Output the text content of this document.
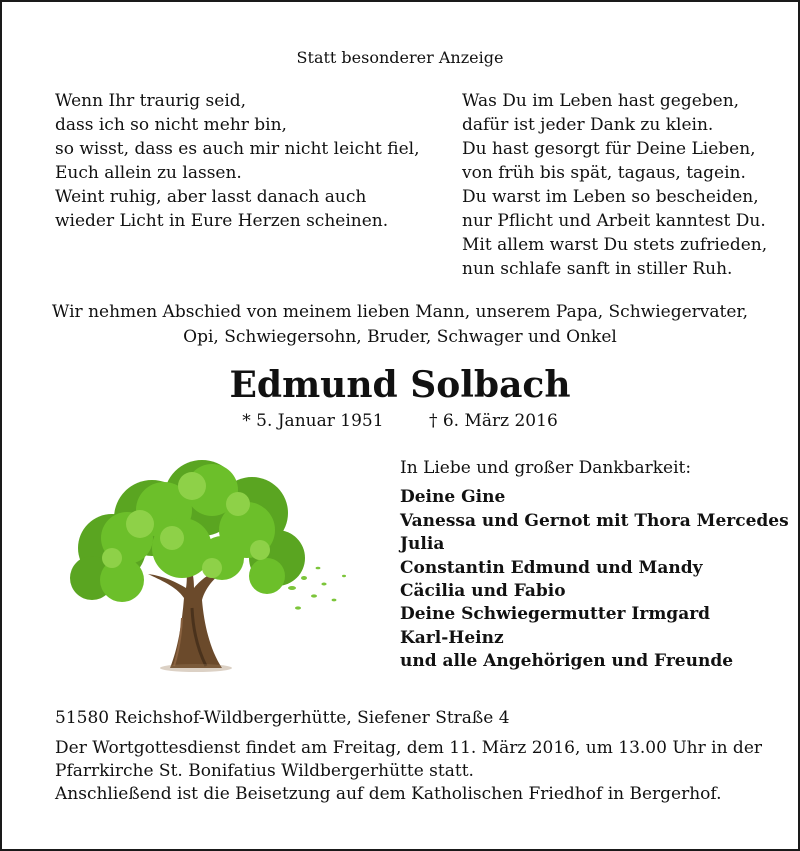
Statt besonderer Anzeige
Wenn Ihr traurig seid,
dass ich so nicht mehr bin,
so wisst, dass es auch mir nicht leicht fiel,
Euch allein zu lassen.
Weint ruhig, aber lasst danach auch
wieder Licht in Eure Herzen scheinen.
Was Du im Leben hast gegeben,
dafür ist jeder Dank zu klein.
Du hast gesorgt für Deine Lieben,
von früh bis spät, tagaus, tagein.
Du warst im Leben so bescheiden,
nur Pflicht und Arbeit kanntest Du.
Mit allem warst Du stets zufrieden,
nun schlafe sanft in stiller Ruh.
Wir nehmen Abschied von meinem lieben Mann, unserem Papa, Schwiegervater,
Opi, Schwiegersohn, Bruder, Schwager und Onkel
Edmund Solbach
* 5. Januar 1951	† 6. März 2016
In Liebe und großer Dankbarkeit:
Deine Gine
Vanessa und Gernot mit Thora Mercedes
Julia
Constantin Edmund und Mandy
Cäcilia und Fabio
Deine Schwiegermutter Irmgard
Karl-Heinz
und alle Angehörigen und Freunde
51580 Reichshof-Wildbergerhütte, Siefener Straße 4
Der Wortgottesdienst findet am Freitag, dem 11. März 2016, um 13.00 Uhr in der
Pfarrkirche St. Bonifatius Wildbergerhütte statt.
Anschließend ist die Beisetzung auf dem Katholischen Friedhof in Bergerhof.
